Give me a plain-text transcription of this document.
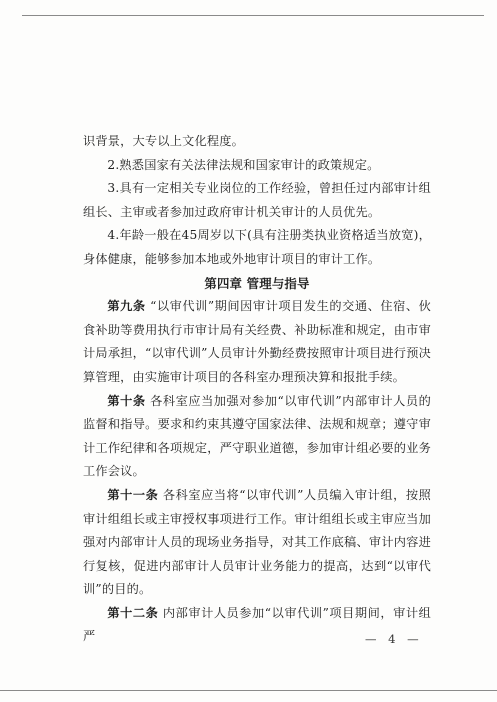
识背景，大专以上文化程度。

2.熟悉国家有关法律法规和国家审计的政策规定。

3.具有一定相关专业岗位的工作经验，曾担任过内部审计组组长、主审或者参加过政府审计机关审计的人员优先。

4.年龄一般在45周岁以下(具有注册类执业资格适当放宽)，身体健康，能够参加本地或外地审计项目的审计工作。

第四章 管理与指导

第九条 “以审代训”期间因审计项目发生的交通、住宿、伙食补助等费用执行市审计局有关经费、补助标准和规定，由市审计局承担，“以审代训”人员审计外勤经费按照审计项目进行预决算管理，由实施审计项目的各科室办理预决算和报批手续。

第十条 各科室应当加强对参加“以审代训”内部审计人员的监督和指导。要求和约束其遵守国家法律、法规和规章；遵守审计工作纪律和各项规定，严守职业道德，参加审计组必要的业务工作会议。

第十一条 各科室应当将“以审代训”人员编入审计组，按照审计组组长或主审授权事项进行工作。审计组组长或主审应当加强对内部审计人员的现场业务指导，对其工作底稿、审计内容进行复核，促进内部审计人员审计业务能力的提高，达到“以审代训”的目的。

第十二条 内部审计人员参加“以审代训”项目期间，审计组严	— 4 —
